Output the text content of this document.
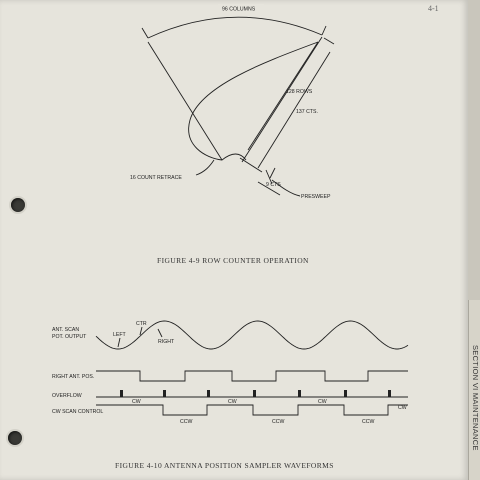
4-1
96 COLUMNS
128 ROWS
137 CTS.
9 CTS
PRESWEEP
16 COUNT RETRACE
FIGURE 4-9 ROW COUNTER OPERATION
ANT. SCAN
POT. OUTPUT	LEFT
CTR
RIGHT
RIGHT ANT. POS.
OVERFLOW
CW SCAN CONTROL
CW
CCW
CW
CCW
CW
CCW
CW
FIGURE 4-10 ANTENNA POSITION SAMPLER WAVEFORMS
SECTION VI MAINTENANCE
